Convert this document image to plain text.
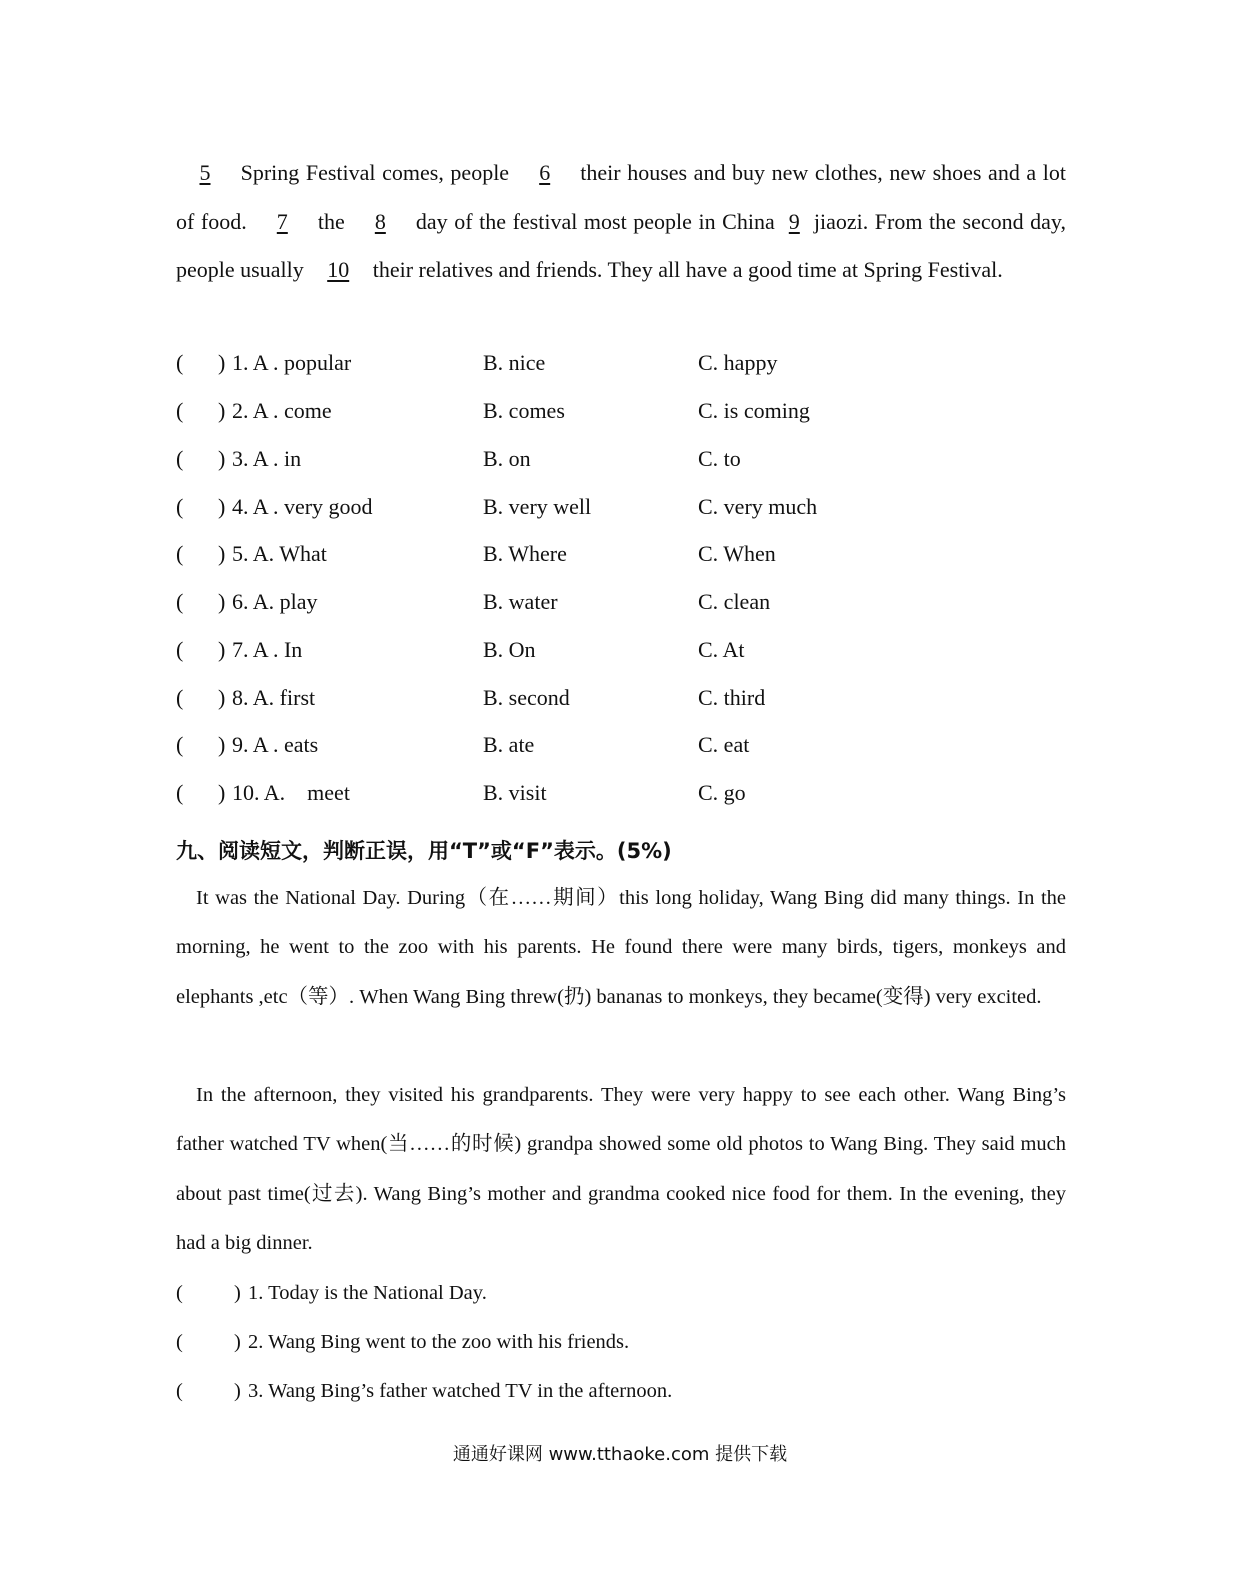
5 Spring Festival comes, people 6 their houses and buy new clothes, new shoes and a lot of food. 7 the 8 day of the festival most people in China 9 jiaozi. From the second day, people usually 10 their relatives and friends. They all have a good time at Spring Festival.
( ) 1. A . popular	B. nice	C. happy
( ) 2. A . come	B. comes	C. is coming
( ) 3. A . in	B. on	C. to
( ) 4. A . very good	B. very well	C. very much
( ) 5. A. What	B. Where	C. When
( ) 6. A. play	B. water	C. clean
( ) 7. A . In	B. On	C. At
( ) 8. A. first	B. second	C. third
( ) 9. A . eats	B. ate	C. eat
( ) 10. A.    meet	B. visit	C. go
九、阅读短文，判断正误，用“T”或“F”表示。(5%)
It was the National Day. During（在……期间）this long holiday, Wang Bing did many things. In the morning, he went to the zoo with his parents. He found there were many birds, tigers, monkeys and elephants ,etc（等）. When Wang Bing threw(扔) bananas to monkeys, they became(变得) very excited.
In the afternoon, they visited his grandparents. They were very happy to see each other. Wang Bing’s father watched TV when(当……的时候) grandpa showed some old photos to Wang Bing. They said much about past time(过去). Wang Bing’s mother and grandma cooked nice food for them. In the evening, they had a big dinner.
( ) 1. Today is the National Day.
( ) 2. Wang Bing went to the zoo with his friends.
( ) 3. Wang Bing’s father watched TV in the afternoon.
通通好课网 www.tthaoke.com 提供下载
